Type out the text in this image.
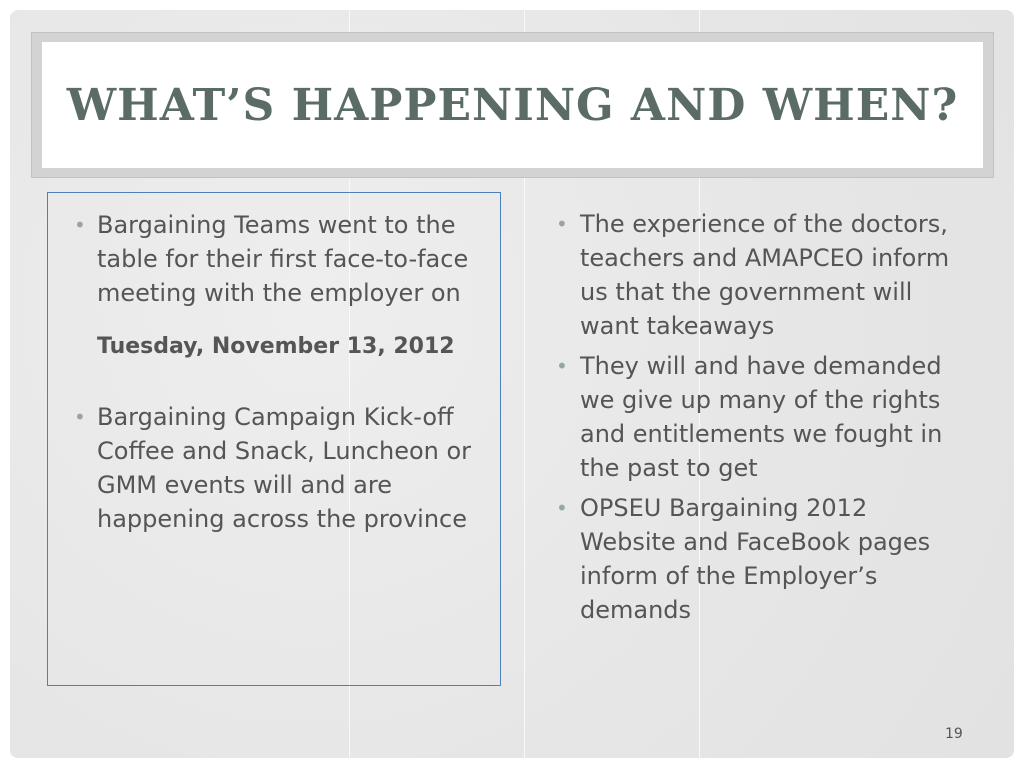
WHAT’S HAPPENING AND WHEN?
• Bargaining Teams went to the table for their first face-to-face meeting with the employer on
Tuesday, November 13, 2012
• Bargaining Campaign Kick-off Coffee and Snack, Luncheon or GMM events will and are happening across the province
• The experience of the doctors, teachers and AMAPCEO inform us that the government will want takeaways
• They will and have demanded we give up many of the rights and entitlements we fought in the past to get
• OPSEU Bargaining 2012 Website and FaceBook pages inform of the Employer’s demands
19
